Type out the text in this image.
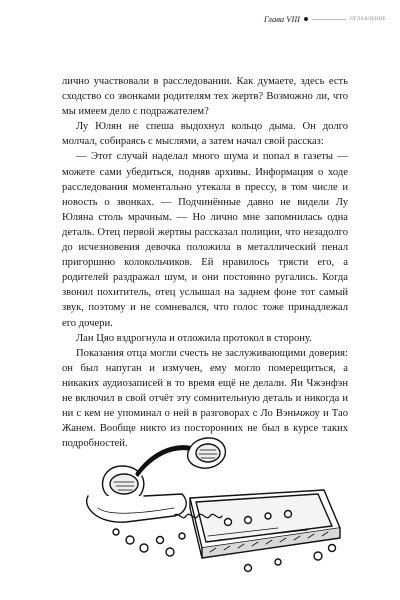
Глава VIII	ОГЛАВЛЕНИЕ

лично участвовали в расследовании. Как думаете, здесь есть сходство со звонками родителям тех жертв? Возможно ли, что мы имеем дело с подражателем?

Лу Юлян не спеша выдохнул кольцо дыма. Он долго молчал, собираясь с мыслями, а затем начал свой рассказ:

— Этот случай наделал много шума и попал в газеты — можете сами убедиться, подняв архивы. Информация о ходе расследования моментально утекала в прессу, в том числе и новость о звонках. — Подчинённые давно не видели Лу Юляна столь мрачным. — Но лично мне запомнилась одна деталь. Отец первой жертвы рассказал полиции, что незадолго до исчезновения девочка положила в металлический пенал пригоршню колокольчиков. Ей нравилось трясти его, а родителей раздражал шум, и они постоянно ругались. Когда звонил похититель, отец услышал на заднем фоне тот самый звук, поэтому и не сомневался, что голос тоже принадлежал его дочери.

Лан Цяо вздрогнула и отложила протокол в сторону.

Показания отца могли счесть не заслуживающими доверия: он был напуган и измучен, ему могло померещиться, а никаких аудиозаписей в то время ещё не делали. Яи Чжэнфэн не включил в свой отчёт эту сомнительную деталь и никогда и ни с кем не упоминал о ней в разговорах с Ло Вэньчжоу и Тао Жанем. Вообще никто из посторонних не был в курсе таких подробностей.
